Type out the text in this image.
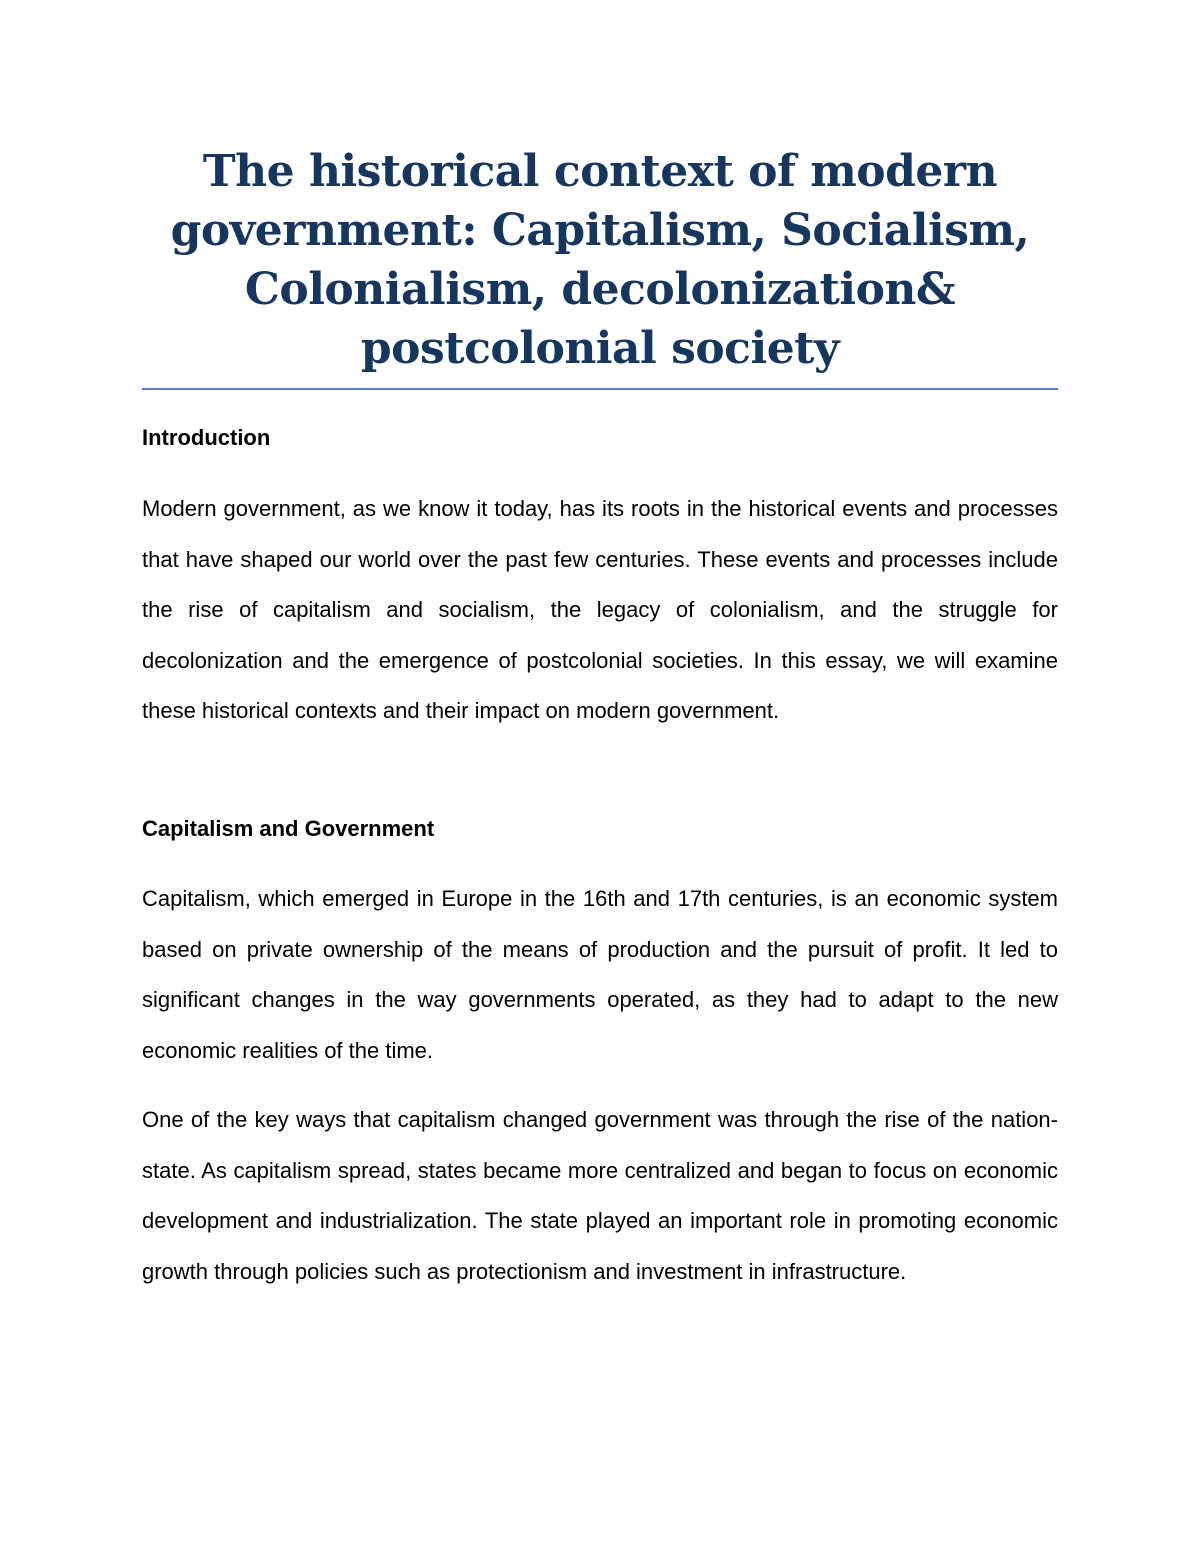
The historical context of modern government: Capitalism, Socialism, Colonialism, decolonization& postcolonial society
Introduction

Modern government, as we know it today, has its roots in the historical events and processes that have shaped our world over the past few centuries. These events and processes include the rise of capitalism and socialism, the legacy of colonialism, and the struggle for decolonization and the emergence of postcolonial societies. In this essay, we will examine these historical contexts and their impact on modern government.

Capitalism and Government

Capitalism, which emerged in Europe in the 16th and 17th centuries, is an economic system based on private ownership of the means of production and the pursuit of profit. It led to significant changes in the way governments operated, as they had to adapt to the new economic realities of the time.

One of the key ways that capitalism changed government was through the rise of the nation-state. As capitalism spread, states became more centralized and began to focus on economic development and industrialization. The state played an important role in promoting economic growth through policies such as protectionism and investment in infrastructure.
